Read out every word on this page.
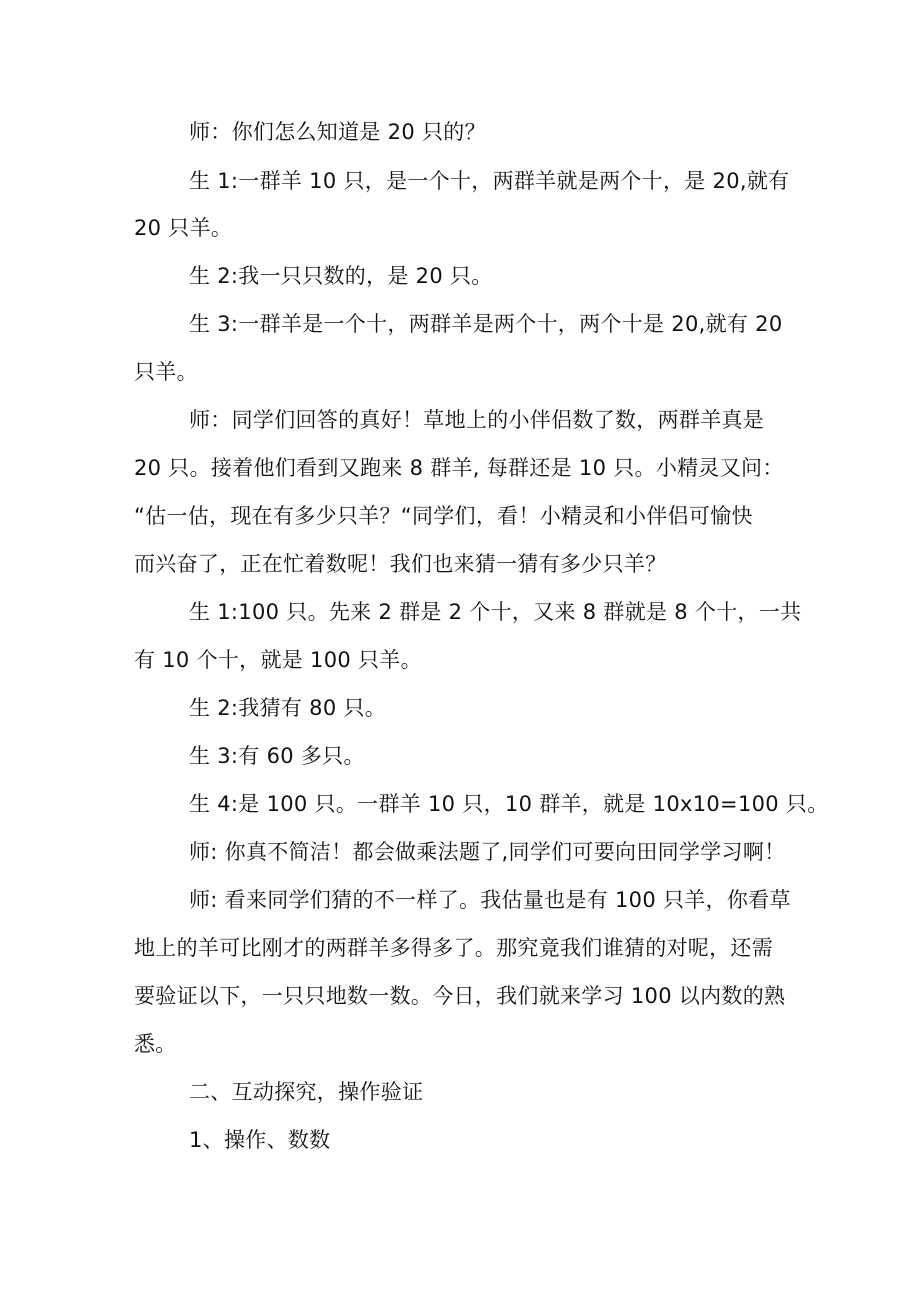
师：你们怎么知道是 20 只的？
生 1:一群羊 10 只，是一个十，两群羊就是两个十，是 20,就有
20 只羊。
生 2:我一只只数的，是 20 只。
生 3:一群羊是一个十，两群羊是两个十，两个十是 20,就有 20
只羊。
师：同学们回答的真好！草地上的小伴侣数了数，两群羊真是
20 只。接着他们看到又跑来 8 群羊, 每群还是 10 只。小精灵又问：
“估一估，现在有多少只羊？“同学们，看！小精灵和小伴侣可愉快
而兴奋了，正在忙着数呢！我们也来猜一猜有多少只羊？
生 1:100 只。先来 2 群是 2 个十，又来 8 群就是 8 个十，一共
有 10 个十，就是 100 只羊。
生 2:我猜有 80 只。
生 3:有 60 多只。
生 4:是 100 只。一群羊 10 只，10 群羊，就是 10x10=100 只。
师: 你真不简洁！都会做乘法题了,同学们可要向田同学学习啊！
师: 看来同学们猜的不一样了。我估量也是有 100 只羊，你看草
地上的羊可比刚才的两群羊多得多了。那究竟我们谁猜的对呢，还需
要验证以下，一只只地数一数。今日，我们就来学习 100 以内数的熟
悉。
二、互动探究，操作验证
1、操作、数数
